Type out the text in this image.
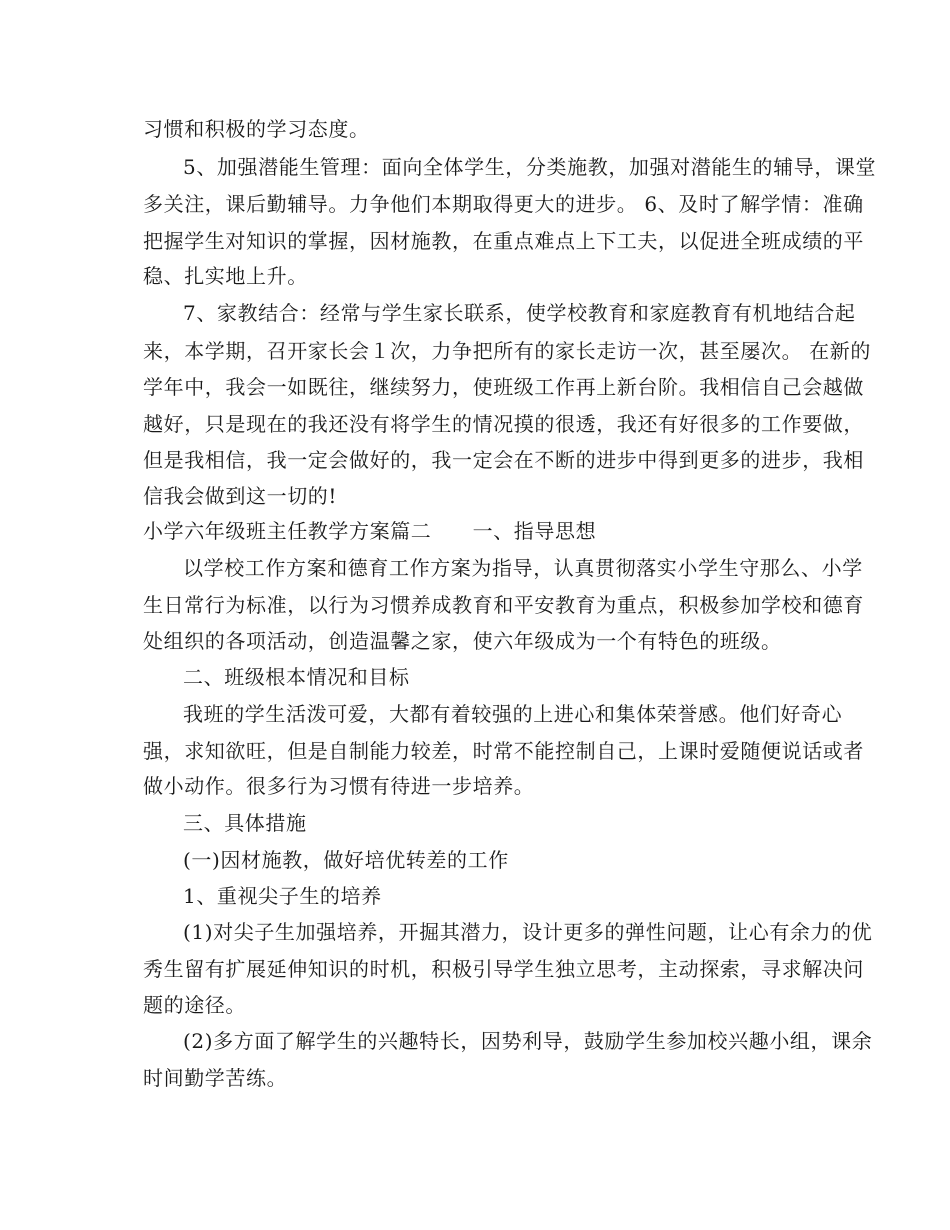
习惯和积极的学习态度。
5、加强潜能生管理：面向全体学生，分类施教，加强对潜能生的辅导，课堂
多关注，课后勤辅导。力争他们本期取得更大的进步。 6、及时了解学情：准确
把握学生对知识的掌握，因材施教，在重点难点上下工夫，以促进全班成绩的平
稳、扎实地上升。
7、家教结合：经常与学生家长联系，使学校教育和家庭教育有机地结合起
来，本学期，召开家长会１次，力争把所有的家长走访一次，甚至屡次。 在新的
学年中，我会一如既往，继续努力，使班级工作再上新台阶。我相信自己会越做
越好，只是现在的我还没有将学生的情况摸的很透，我还有好很多的工作要做，
但是我相信，我一定会做好的，我一定会在不断的进步中得到更多的进步，我相
信我会做到这一切的!
小学六年级班主任教学方案篇二　　一、指导思想
以学校工作方案和德育工作方案为指导，认真贯彻落实小学生守那么、小学
生日常行为标准，以行为习惯养成教育和平安教育为重点，积极参加学校和德育
处组织的各项活动，创造温馨之家，使六年级成为一个有特色的班级。
二、班级根本情况和目标
我班的学生活泼可爱，大都有着较强的上进心和集体荣誉感。他们好奇心
强，求知欲旺，但是自制能力较差，时常不能控制自己，上课时爱随便说话或者
做小动作。很多行为习惯有待进一步培养。
三、具体措施
(一)因材施教，做好培优转差的工作
1、重视尖子生的培养
(1)对尖子生加强培养，开掘其潜力，设计更多的弹性问题，让心有余力的优
秀生留有扩展延伸知识的时机，积极引导学生独立思考，主动探索，寻求解决问
题的途径。
(2)多方面了解学生的兴趣特长，因势利导，鼓励学生参加校兴趣小组，课余
时间勤学苦练。
